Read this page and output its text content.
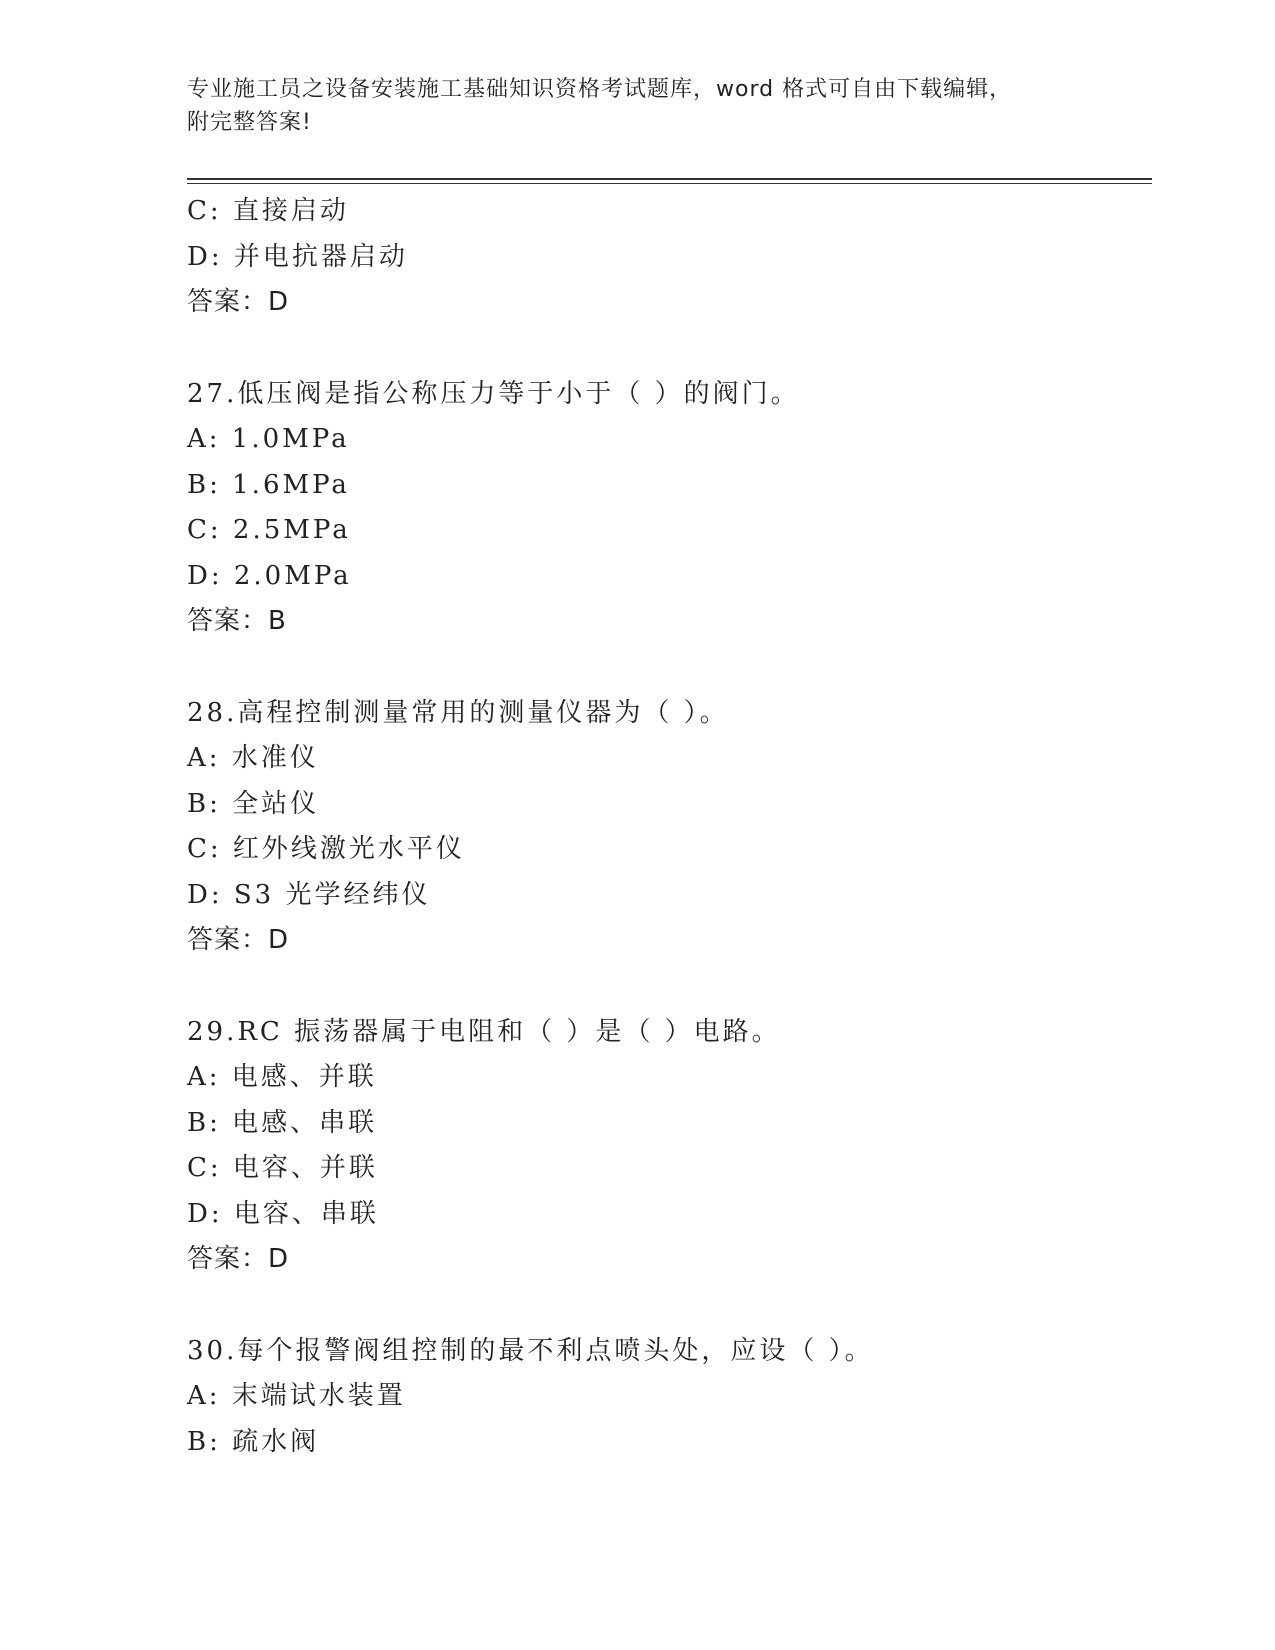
专业施工员之设备安装施工基础知识资格考试题库，word 格式可自由下载编辑，
附完整答案!
C: 直接启动
D: 并电抗器启动
答案：D
27.低压阀是指公称压力等于小于（ ）的阀门。
A: 1.0MPa
B: 1.6MPa
C: 2.5MPa
D: 2.0MPa
答案：B
28.高程控制测量常用的测量仪器为（ ）。
A: 水准仪
B: 全站仪
C: 红外线激光水平仪
D: S3 光学经纬仪
答案：D
29.RC 振荡器属于电阻和（ ）是（ ）电路。
A: 电感、并联
B: 电感、串联
C: 电容、并联
D: 电容、串联
答案：D
30.每个报警阀组控制的最不利点喷头处，应设（ ）。
A: 末端试水装置
B: 疏水阀
